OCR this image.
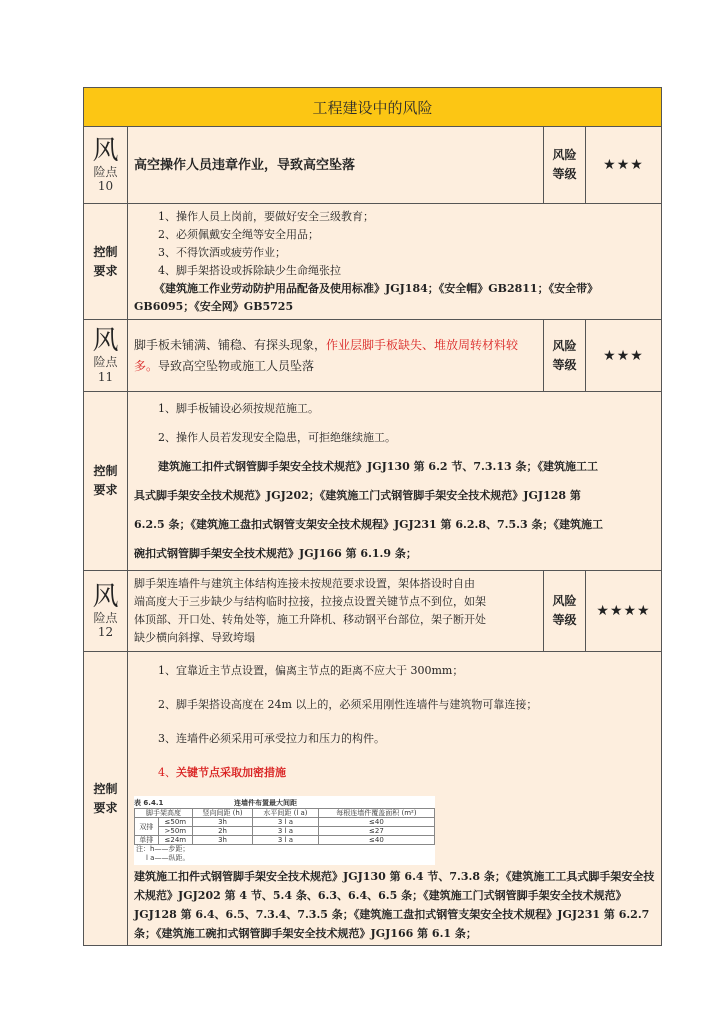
工程建设中的风险

风
险点
10
	高空操作人员违章作业，导致高空坠落	
风险
等级
	★★★

控制
要求

1、操作人员上岗前，要做好安全三级教育；
2、必须佩戴安全绳等安全用品；
3、不得饮酒或疲劳作业；
4、脚手架搭设或拆除缺少生命绳张拉
《建筑施工作业劳动防护用品配备及使用标准》JGJ184；《安全帽》GB2811；《安全带》GB6095；《安全网》GB5725

风
险点
11
	脚手板未铺满、铺稳、有探头现象，作业层脚手板缺失、堆放周转材料较多。导致高空坠物或施工人员坠落	
风险
等级
	★★★

控制
要求

1、脚手板铺设必须按规范施工。
2、操作人员若发现安全隐患，可拒绝继续施工。
建筑施工扣件式钢管脚手架安全技术规范》JGJ130 第 6.2 节、7.3.13 条；《建筑施工工
具式脚手架安全技术规范》JGJ202；《建筑施工门式钢管脚手架安全技术规范》JGJ128 第
6.2.5 条；《建筑施工盘扣式钢管支架安全技术规程》JGJ231 第 6.2.8、7.5.3 条；《建筑施工
碗扣式钢管脚手架安全技术规范》JGJ166 第 6.1.9 条；

风
险点
12

脚手架连墙件与建筑主体结构连接未按规范要求设置，架体搭设时自由
端高度大于三步缺少与结构临时拉接，拉接点设置关键节点不到位，如架
体顶部、开口处、转角处等，施工升降机、移动钢平台部位，架子断开处
缺少横向斜撑、导致垮塌

风险
等级
	★★★★

控制
要求

1、宜靠近主节点设置，偏离主节点的距离不应大于 300mm；
2、脚手架搭设高度在 24m 以上的，必须采用刚性连墙件与建筑物可靠连接；
3、连墙件必须采用可承受拉力和压力的构件。
4、关键节点采取加密措施
表 6.4.1	连墙件布置最大间距
脚手架高度	竖向间距 (h)	水平间距 (l a)	每根连墙件覆盖面积 (m²)
双排	≤50m	3h	3 l a	≤40
>50m	2h	3 l a	≤27
单排	≤24m	3h	3 l a	≤40
注：h——步距；
l a——纵距。
建筑施工扣件式钢管脚手架安全技术规范》JGJ130 第 6.4 节、7.3.8 条；《建筑施工工具式脚手架安全技术规范》JGJ202 第 4 节、5.4 条、6.3、6.4、6.5 条；《建筑施工门式钢管脚手架安全技术规范》JGJ128 第 6.4、6.5、7.3.4、7.3.5 条；《建筑施工盘扣式钢管支架安全技术规程》JGJ231 第 6.2.7 条；《建筑施工碗扣式钢管脚手架安全技术规范》JGJ166 第 6.1 条；
